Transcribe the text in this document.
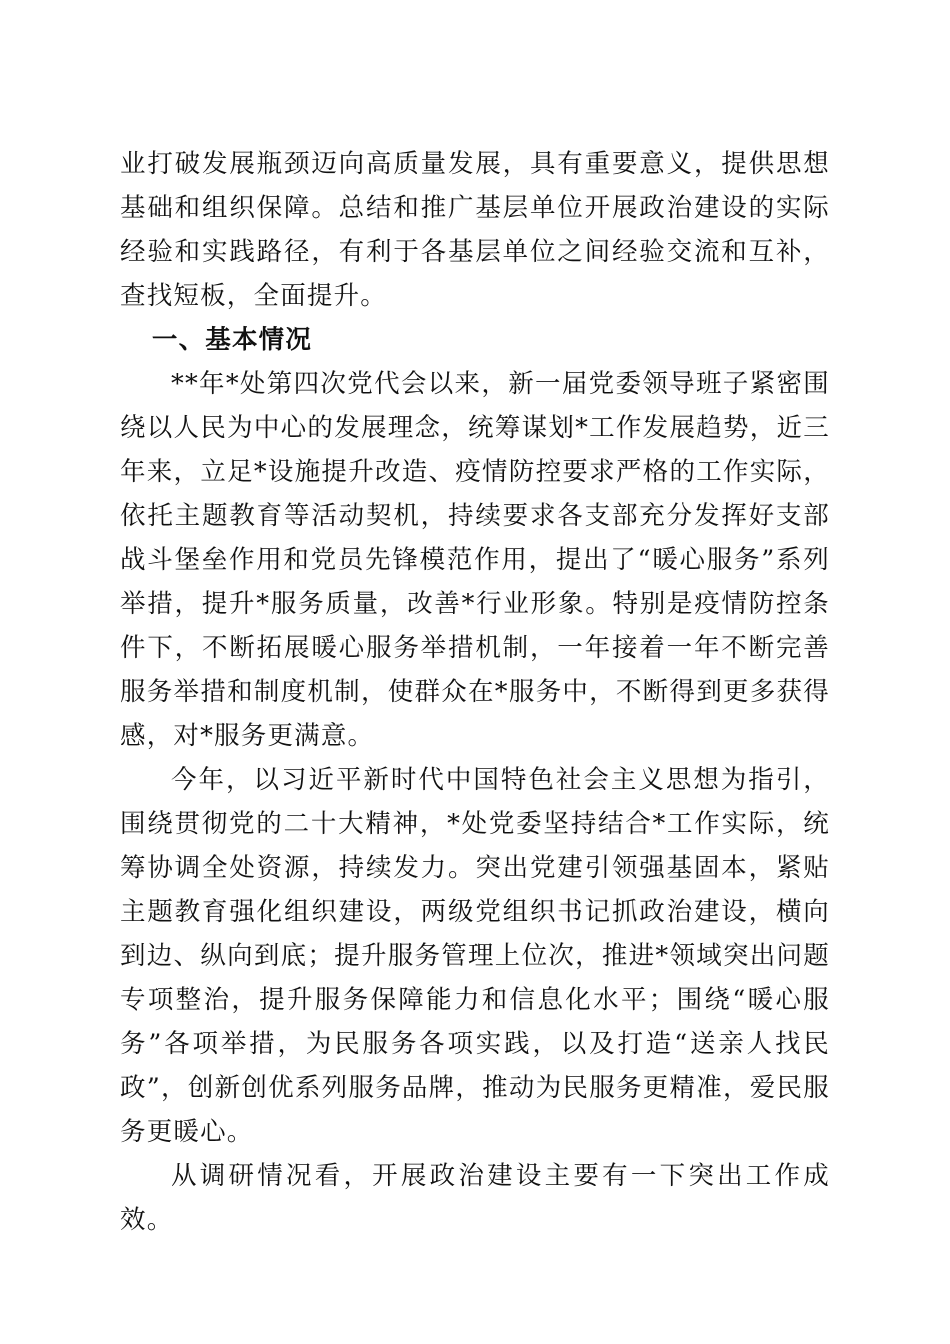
业打破发展瓶颈迈向高质量发展，具有重要意义，提供思想基础和组织保障。总结和推广基层单位开展政治建设的实际经验和实践路径，有利于各基层单位之间经验交流和互补，查找短板，全面提升。

一、基本情况

**年*处第四次党代会以来，新一届党委领导班子紧密围绕以人民为中心的发展理念，统筹谋划*工作发展趋势，近三年来，立足*设施提升改造、疫情防控要求严格的工作实际，依托主题教育等活动契机，持续要求各支部充分发挥好支部战斗堡垒作用和党员先锋模范作用，提出了“暖心服务”系列举措，提升*服务质量，改善*行业形象。特别是疫情防控条件下，不断拓展暖心服务举措机制，一年接着一年不断完善服务举措和制度机制，使群众在*服务中，不断得到更多获得感，对*服务更满意。

今年，以习近平新时代中国特色社会主义思想为指引，围绕贯彻党的二十大精神，*处党委坚持结合*工作实际，统筹协调全处资源，持续发力。突出党建引领强基固本，紧贴主题教育强化组织建设，两级党组织书记抓政治建设，横向到边、纵向到底；提升服务管理上位次，推进*领域突出问题专项整治，提升服务保障能力和信息化水平；围绕“暖心服务”各项举措，为民服务各项实践，以及打造“送亲人找民政”，创新创优系列服务品牌，推动为民服务更精准，爱民服务更暖心。

从调研情况看，开展政治建设主要有一下突出工作成效。
